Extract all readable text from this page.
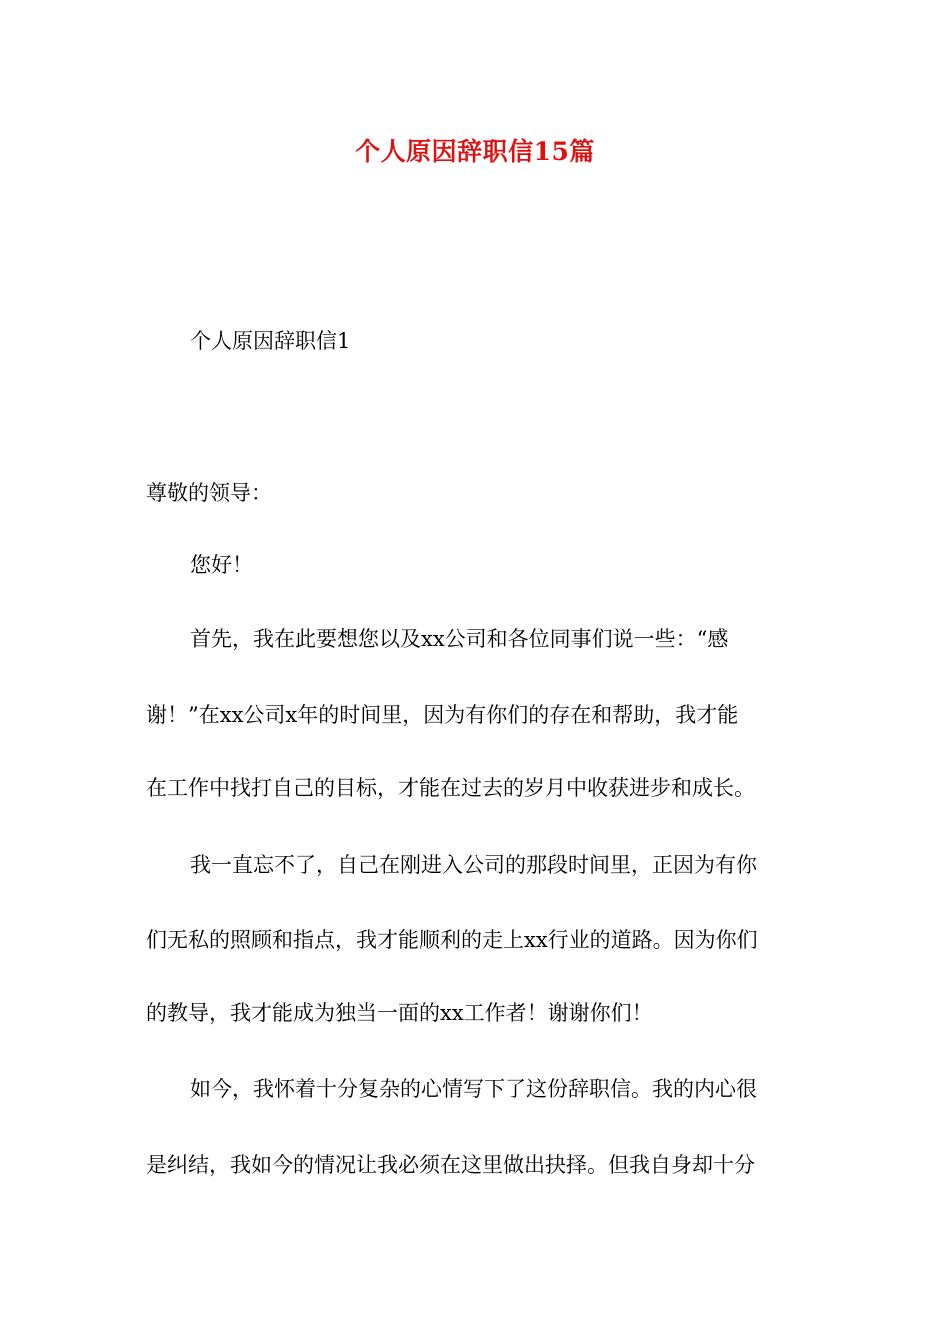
个人原因辞职信15篇
个人原因辞职信1
尊敬的领导：
您好！
首先，我在此要想您以及xx公司和各位同事们说一些：“感
谢！”在xx公司x年的时间里，因为有你们的存在和帮助，我才能
在工作中找打自己的目标，才能在过去的岁月中收获进步和成长。
我一直忘不了，自己在刚进入公司的那段时间里，正因为有你
们无私的照顾和指点，我才能顺利的走上xx行业的道路。因为你们
的教导，我才能成为独当一面的xx工作者！谢谢你们！
如今，我怀着十分复杂的心情写下了这份辞职信。我的内心很
是纠结，我如今的情况让我必须在这里做出抉择。但我自身却十分
